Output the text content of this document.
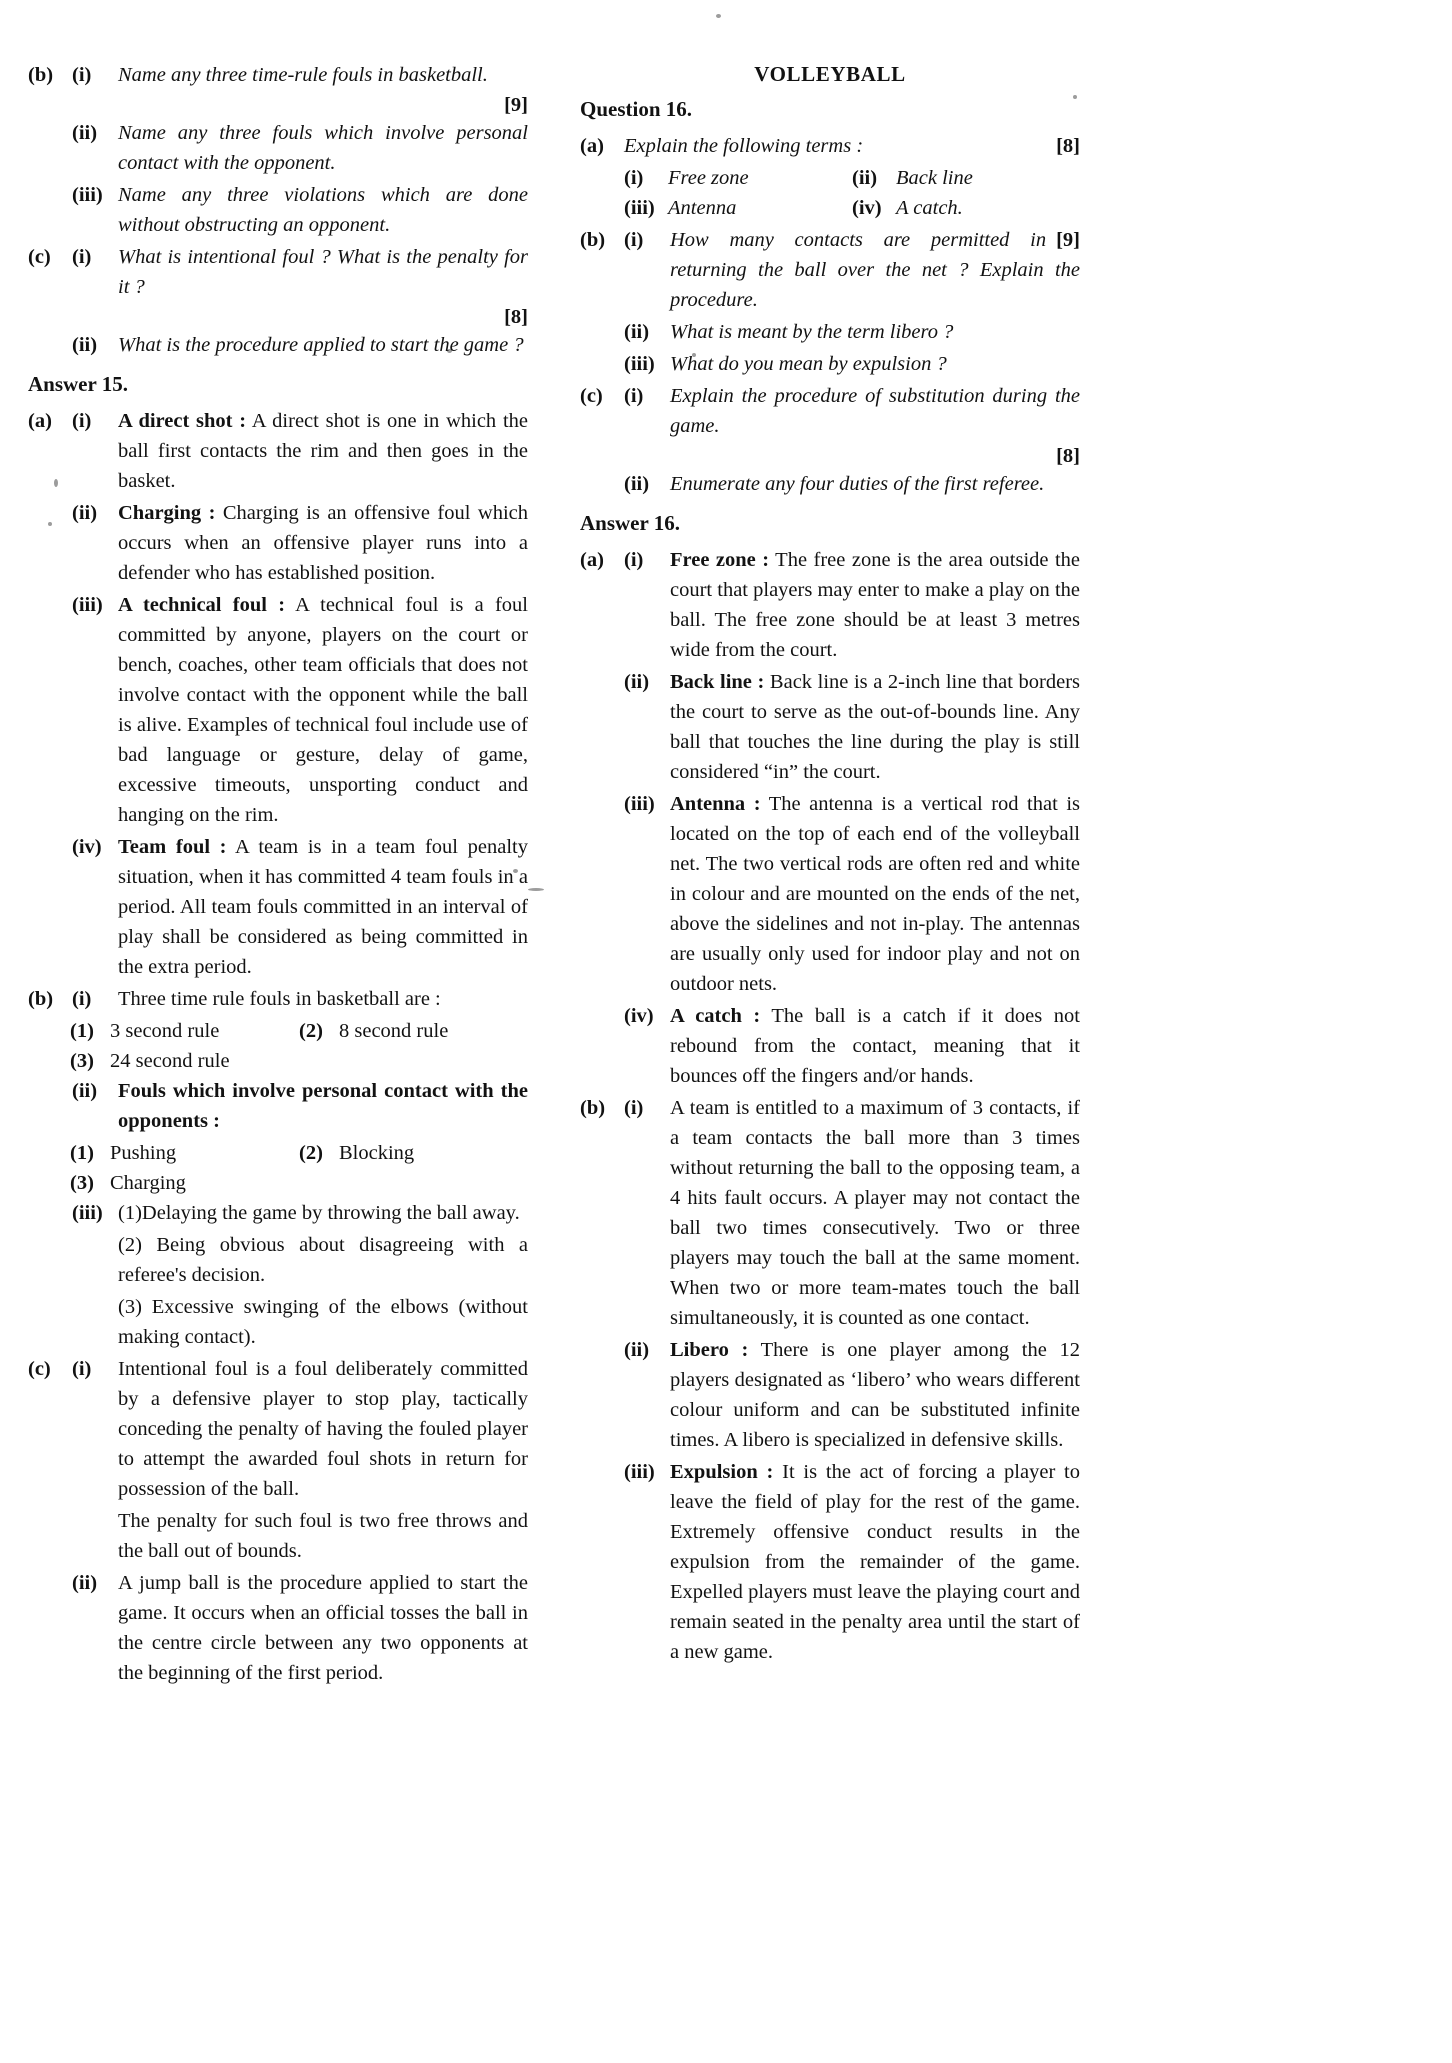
(b) (i)	Name any three time-rule fouls in basketball.
[9]
(ii)	Name any three fouls which involve personal contact with the opponent.
(iii) Name any three violations which are done without obstructing an opponent.
(c)	(i)	What is intentional foul ? What is the penalty for it ?
[8]
(ii)	What is the procedure applied to start the game ?
Answer 15.
(a) (i)	A direct shot : A direct shot is one in which the ball first contacts the rim and then goes in the basket.
(ii)	Charging : Charging is an offensive foul which occurs when an offensive player runs into a defender who has established position.
(iii) A technical foul : A technical foul is a foul committed by anyone, players on the court or bench, coaches, other team officials that does not involve contact with the opponent while the ball is alive. Examples of technical foul include use of bad language or gesture, delay of game, excessive timeouts, unsporting conduct and hanging on the rim.
(iv) Team foul : A team is in a team foul penalty situation, when it has committed 4 team fouls in a period. All team fouls committed in an interval of play shall be considered as being committed in the extra period.
(b) (i)	Three time rule fouls in basketball are :
(1) 3 second rule	(2) 8 second rule
(3) 24 second rule
(ii)	Fouls which involve personal contact with the opponents :
(1) Pushing	(2) Blocking
(3) Charging
(iii) (1)Delaying the game by throwing the ball away.
(2) Being obvious about disagreeing with a referee's decision.
(3) Excessive swinging of the elbows (without making contact).
(c)	(i)	Intentional foul is a foul deliberately committed by a defensive player to stop play, tactically conceding the penalty of having the fouled player to attempt the awarded foul shots in return for possession of the ball.
The penalty for such foul is two free throws and the ball out of bounds.
(ii)	A jump ball is the procedure applied to start the game. It occurs when an official tosses the ball in the centre circle between any two opponents at the beginning of the first period.
VOLLEYBALL
Question 16.
(a)	[8]
Explain the following terms :
(i)	Free zone	(ii) Back line
(iii) Antenna	(iv) A catch.
(b) (i)	[9]
How many contacts are permitted in returning the ball over the net ? Explain the procedure.
(ii)	What is meant by the term libero ?
(iii) What do you mean by expulsion ?
(c)	(i)	Explain the procedure of substitution during the game.
[8]
(ii)	Enumerate any four duties of the first referee.
Answer 16.
(a) (i)	Free zone : The free zone is the area outside the court that players may enter to make a play on the ball. The free zone should be at least 3 metres wide from the court.
(ii)	Back line : Back line is a 2-inch line that borders the court to serve as the out-of-bounds line. Any ball that touches the line during the play is still considered “in” the court.
(iii) Antenna : The antenna is a vertical rod that is located on the top of each end of the volleyball net. The two vertical rods are often red and white in colour and are mounted on the ends of the net, above the sidelines and not in-play. The antennas are usually only used for indoor play and not on outdoor nets.
(iv) A catch : The ball is a catch if it does not rebound from the contact, meaning that it bounces off the fingers and/or hands.
(b) (i)	A team is entitled to a maximum of 3 contacts, if a team contacts the ball more than 3 times without returning the ball to the opposing team, a 4 hits fault occurs. A player may not contact the ball two times consecutively. Two or three players may touch the ball at the same moment. When two or more team-mates touch the ball simultaneously, it is counted as one contact.
(ii)	Libero : There is one player among the 12 players designated as ‘libero’ who wears different colour uniform and can be substituted infinite times. A libero is specialized in defensive skills.
(iii) Expulsion : It is the act of forcing a player to leave the field of play for the rest of the game. Extremely offensive conduct results in the expulsion from the remainder of the game. Expelled players must leave the playing court and remain seated in the penalty area until the start of a new game.
